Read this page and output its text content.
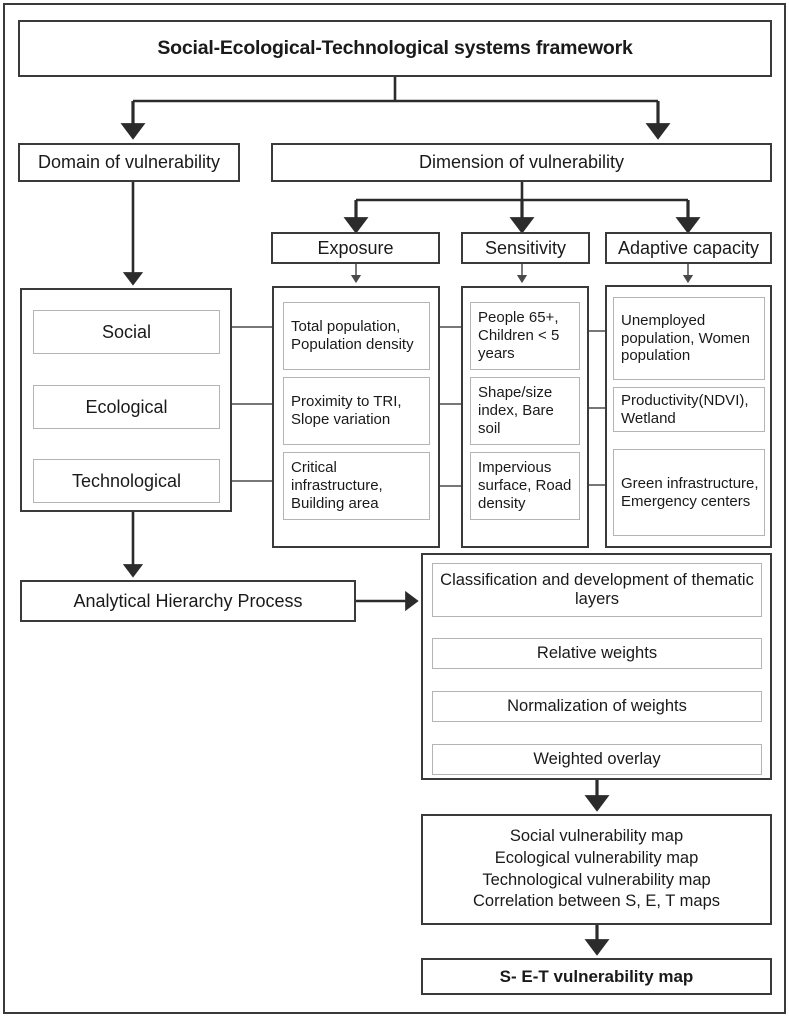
Social-Ecological-Technological systems framework
Domain of vulnerability	Dimension of vulnerability
Exposure	Sensitivity	Adaptive capacity
Social
Ecological
Technological
Total population, Population density
Proximity to TRI, Slope variation
Critical infrastructure, Building area
People 65+, Children < 5 years
Shape/size index, Bare soil
Impervious surface, Road density
Unemployed population, Women population
Productivity(NDVI), Wetland
Green infrastructure, Emergency centers
Analytical Hierarchy Process
Classification and development of thematic layers
Relative weights
Normalization of weights
Weighted overlay
Social vulnerability map
Ecological vulnerability map
Technological vulnerability map
Correlation between S, E, T maps
S- E-T vulnerability map
